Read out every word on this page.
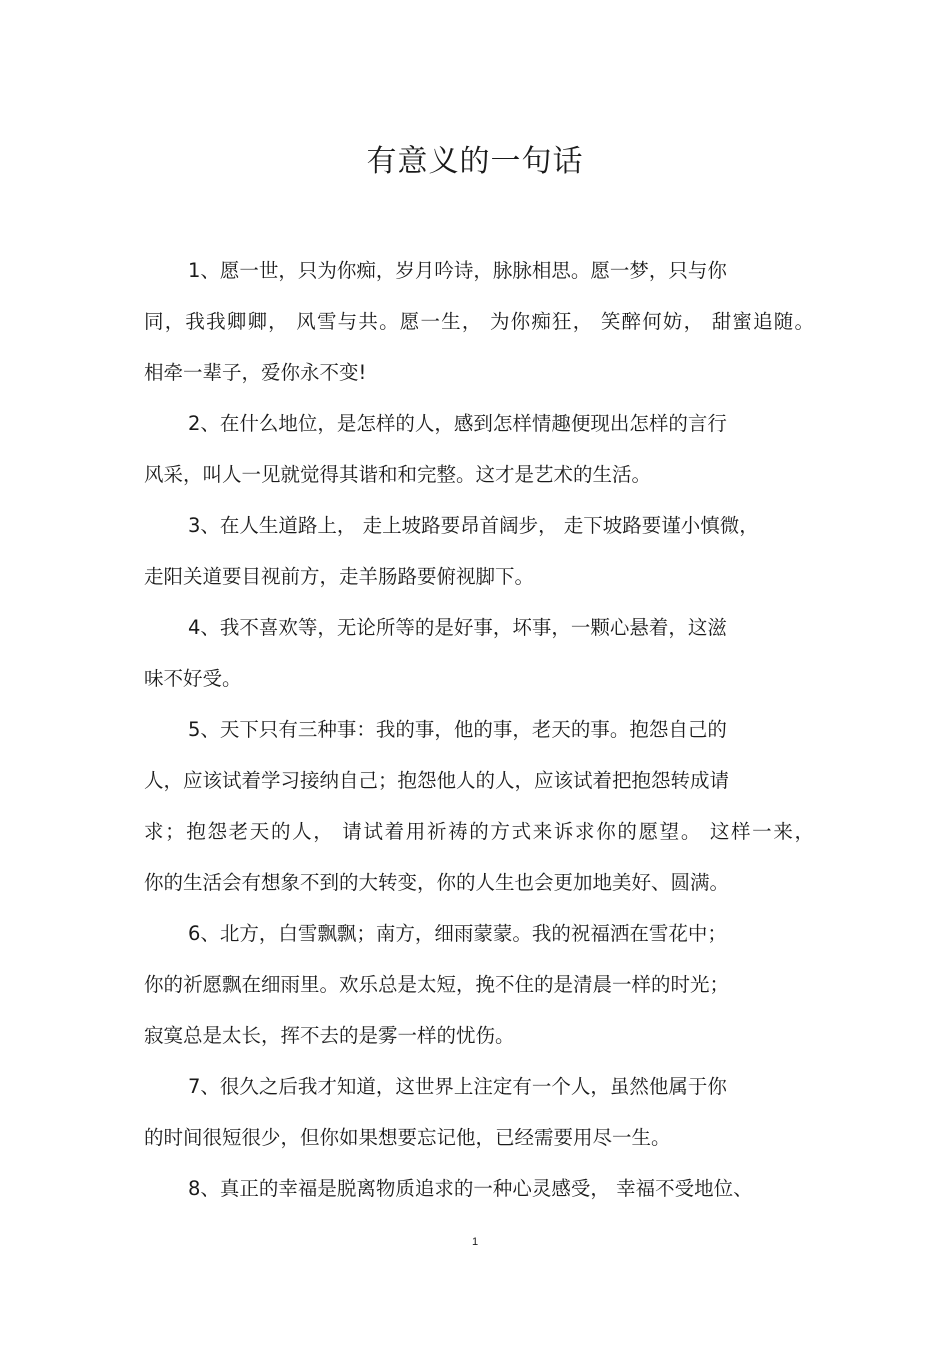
有意义的一句话
1、愿一世，只为你痴，岁月吟诗，脉脉相思。愿一梦，只与你
同，我我卿卿， 风雪与共。愿一生， 为你痴狂， 笑醉何妨， 甜蜜追随。
相牵一辈子，爱你永不变!
2、在什么地位，是怎样的人，感到怎样情趣便现出怎样的言行
风采，叫人一见就觉得其谐和和完整。这才是艺术的生活。
3、在人生道路上， 走上坡路要昂首阔步， 走下坡路要谨小慎微，
走阳关道要目视前方，走羊肠路要俯视脚下。
4、我不喜欢等，无论所等的是好事，坏事，一颗心悬着，这滋
味不好受。
5、天下只有三种事：我的事，他的事，老天的事。抱怨自己的
人，应该试着学习接纳自己；抱怨他人的人，应该试着把抱怨转成请
求；抱怨老天的人， 请试着用祈祷的方式来诉求你的愿望。 这样一来，
你的生活会有想象不到的大转变，你的人生也会更加地美好、圆满。
6、北方，白雪飘飘；南方，细雨蒙蒙。我的祝福洒在雪花中；
你的祈愿飘在细雨里。欢乐总是太短，挽不住的是清晨一样的时光；
寂寞总是太长，挥不去的是雾一样的忧伤。
7、很久之后我才知道，这世界上注定有一个人，虽然他属于你
的时间很短很少，但你如果想要忘记他，已经需要用尽一生。
8、真正的幸福是脱离物质追求的一种心灵感受， 幸福不受地位、
1
